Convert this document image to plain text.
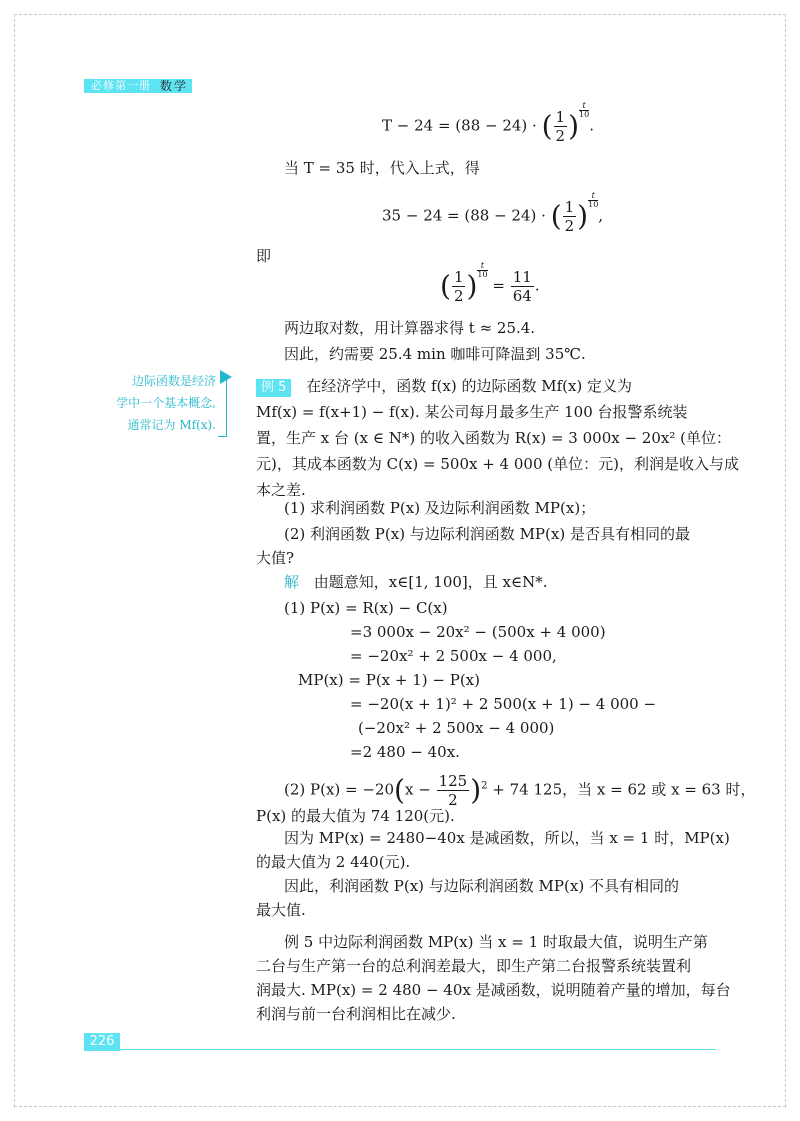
必修第一册 数学
T − 24 = (88 − 24) · ( $\frac{1}{2}$ ) $\frac{t}{10}$
.
当 T = 35 时，代入上式，得
35 − 24 = (88 − 24) · ( $\frac{1}{2}$ ) $\frac{t}{10}$
,
即
( $\frac{1}{2}$ ) $\frac{t}{10}$
= $\frac{11}{64}$ .
两边取对数，用计算器求得 t ≈ 25.4.
因此，约需要 25.4 min 咖啡可降温到 35℃.
边际函数是经济
学中一个基本概念,
通常记为 Mf(x).
例 5 在经济学中，函数 f(x) 的边际函数 Mf(x) 定义为
Mf(x) = f(x+1) − f(x). 某公司每月最多生产 100 台报警系统装
置，生产 x 台 (x ∈ N*) 的收入函数为 R(x) = 3 000x − 20x² (单位：
元)，其成本函数为 C(x) = 500x + 4 000 (单位：元)，利润是收入与成
本之差.
(1) 求利润函数 P(x) 及边际利润函数 MP(x)；
(2) 利润函数 P(x) 与边际利润函数 MP(x) 是否具有相同的最
大值?
解 由题意知，x∈[1, 100]，且 x∈N*.
(1) P(x) = R(x) − C(x)
=3 000x − 20x² − (500x + 4 000)
= −20x² + 2 500x − 4 000,
MP(x) = P(x + 1) − P(x)
= −20(x + 1)² + 2 500(x + 1) − 4 000 −
(−20x² + 2 500x − 4 000)
=2 480 − 40x.
(2) $P(x) = -20(x - \frac{125}{2} )^2 + 74$ 125，当 x = 62 或 x = 63 时，
P(x) 的最大值为 74 120(元).
因为 MP(x) = 2480−40x 是减函数，所以，当 x = 1 时，MP(x)
的最大值为 2 440(元).
因此，利润函数 P(x) 与边际利润函数 MP(x) 不具有相同的
最大值.
例 5 中边际利润函数 MP(x) 当 x = 1 时取最大值，说明生产第
二台与生产第一台的总利润差最大，即生产第二台报警系统装置利
润最大. MP(x) = 2 480 − 40x 是减函数，说明随着产量的增加，每台
利润与前一台利润相比在减少.
226
